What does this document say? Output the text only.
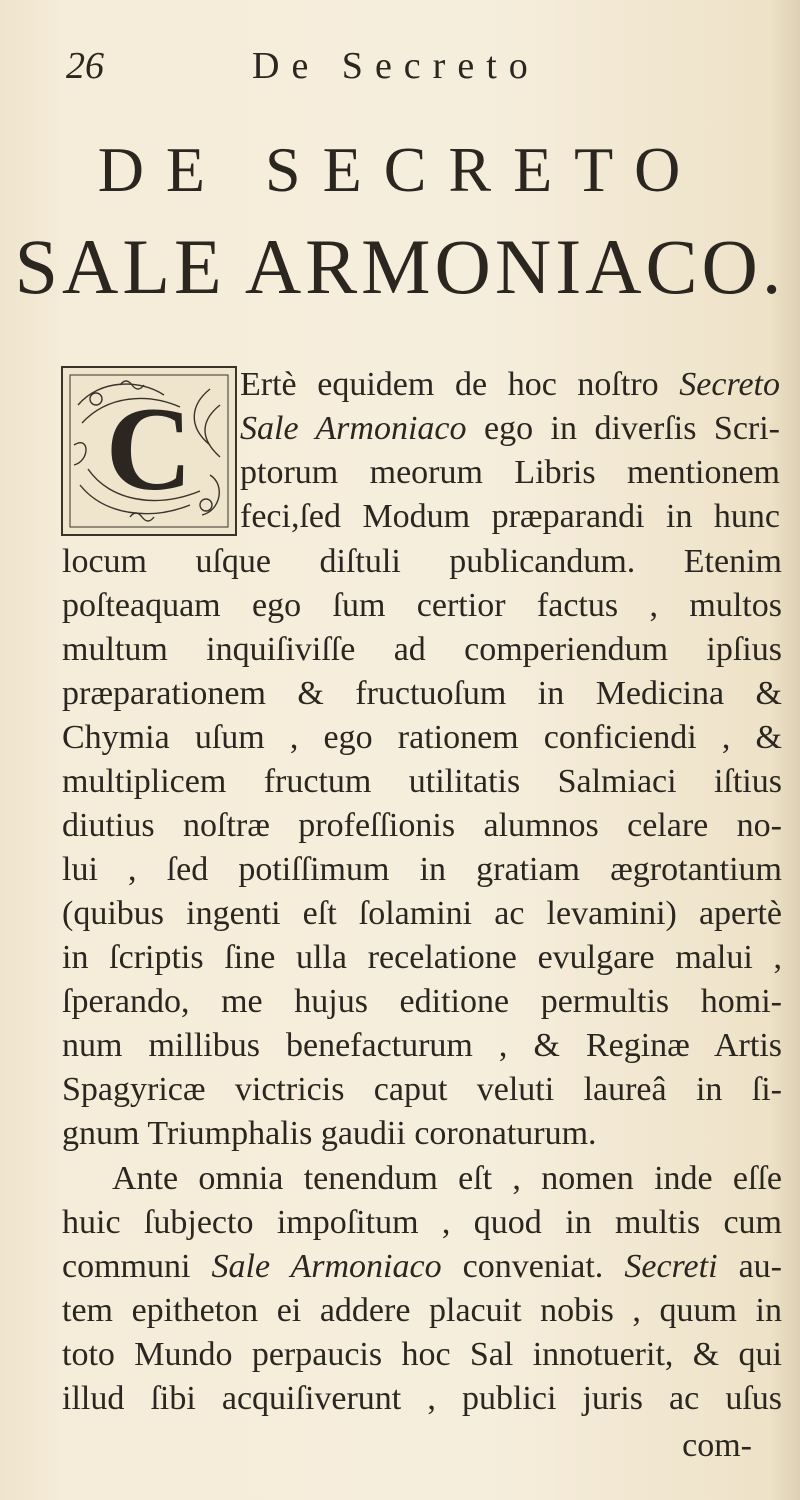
26	De Secreto
DE SECRETO
SALE ARMONIACO.
C Ertè equidem de hoc noſtro Secreto
Sale Armoniaco ego in diverſis Scri-
ptorum meorum Libris mentionem
feci,ſed Modum præparandi in hunc
locum uſque diſtuli publicandum. Etenim
poſteaquam ego ſum certior factus , multos
multum inquiſiviſſe ad comperiendum ipſius
præparationem & fructuoſum in Medicina &
Chymia uſum , ego rationem conficiendi , &
multiplicem fructum utilitatis Salmiaci iſtius
diutius noſtræ profeſſionis alumnos celare no-
lui , ſed potiſſimum in gratiam ægrotantium
(quibus ingenti eſt ſolamini ac levamini) apertè
in ſcriptis ſine ulla recelatione evulgare malui ,
ſperando, me hujus editione permultis homi-
num millibus benefacturum , & Reginæ Artis
Spagyricæ victricis caput veluti laureâ in ſi-
gnum Triumphalis gaudii coronaturum.
Ante omnia tenendum eſt , nomen inde eſſe
huic ſubjecto impoſitum , quod in multis cum
communi Sale Armoniaco conveniat. Secreti au-
tem epitheton ei addere placuit nobis , quum in
toto Mundo perpaucis hoc Sal innotuerit, & qui
illud ſibi acquiſiverunt , publici juris ac uſus
com-
